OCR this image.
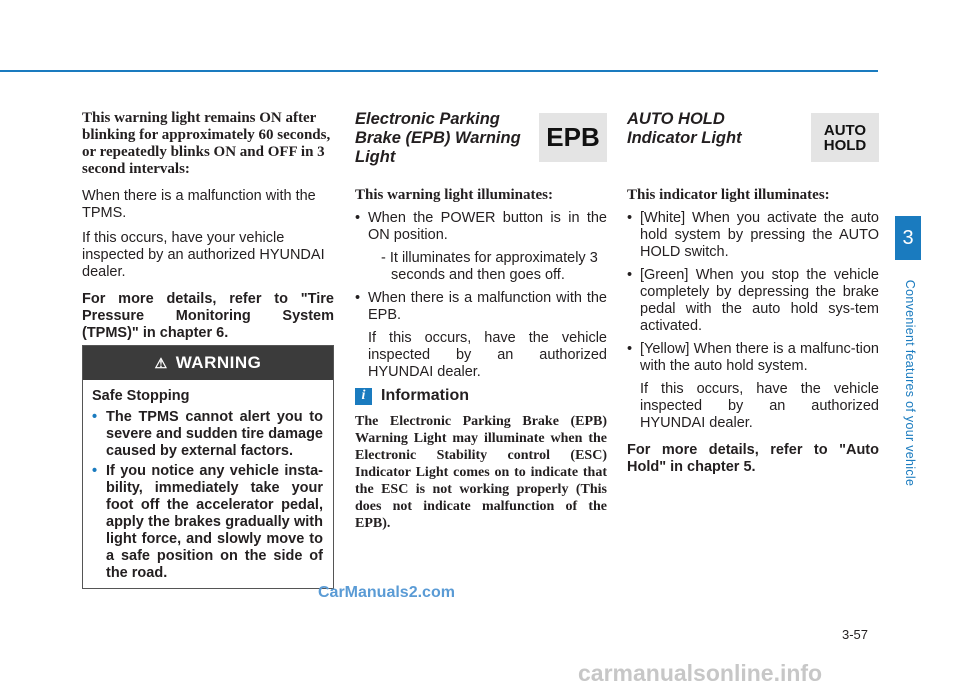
This warning light remains ON after blinking for approximately 60 seconds, or repeatedly blinks ON and OFF in 3 second intervals:

When there is a malfunction with the TPMS.

If this occurs, have your vehicle inspected by an authorized HYUNDAI dealer.

For more details, refer to "Tire Pressure Monitoring System (TPMS)" in chapter 6.

⚠ WARNING

Safe Stopping

• The TPMS cannot alert you to severe and sudden tire damage caused by external factors.
• If you notice any vehicle insta-bility, immediately take your foot off the accelerator pedal, apply the brakes gradually with light force, and slowly move to a safe position on the side of the road.

Electronic Parking Brake (EPB) Warning Light

EPB

This warning light illuminates:

• When the POWER button is in the ON position.

- It illuminates for approximately 3 seconds and then goes off.

• When there is a malfunction with the EPB.

If this occurs, have the vehicle inspected by an authorized HYUNDAI dealer.

i Information

The Electronic Parking Brake (EPB) Warning Light may illuminate when the Electronic Stability control (ESC) Indicator Light comes on to indicate that the ESC is not working properly (This does not indicate malfunction of the EPB).

AUTO HOLD Indicator Light	AUTO
HOLD

This indicator light illuminates:

• [White] When you activate the auto hold system by pressing the AUTO HOLD switch.
• [Green] When you stop the vehicle completely by depressing the brake pedal with the auto hold sys-tem activated.
• [Yellow] When there is a malfunc-tion with the auto hold system.

If this occurs, have the vehicle inspected by an authorized HYUNDAI dealer.

For more details, refer to "Auto Hold" in chapter 5.

3
Convenient features of your vehicle
3-57
CarManuals2.com
carmanualsonline.info
